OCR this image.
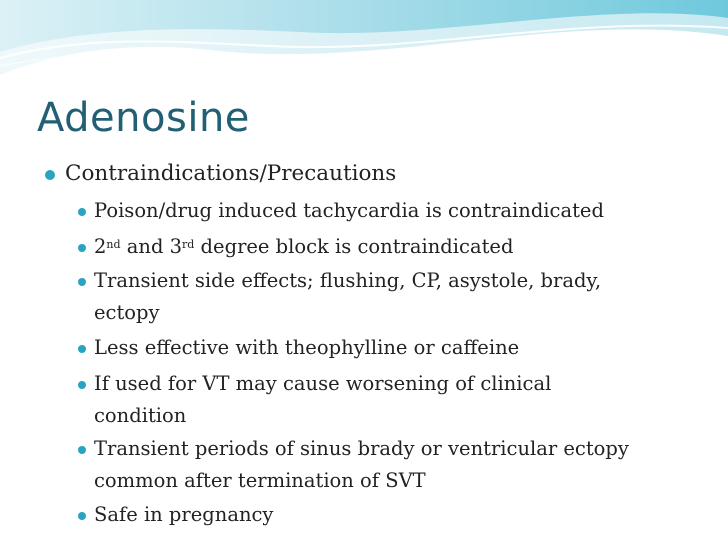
Adenosine
Contraindications/Precautions
Poison/drug induced tachycardia is contraindicated
2nd and 3rd degree block is contraindicated
Transient side effects; flushing, CP, asystole, brady,
ectopy
Less effective with theophylline or caffeine
If used for VT may cause worsening of clinical
condition
Transient periods of sinus brady or ventricular ectopy
common after termination of SVT
Safe in pregnancy
